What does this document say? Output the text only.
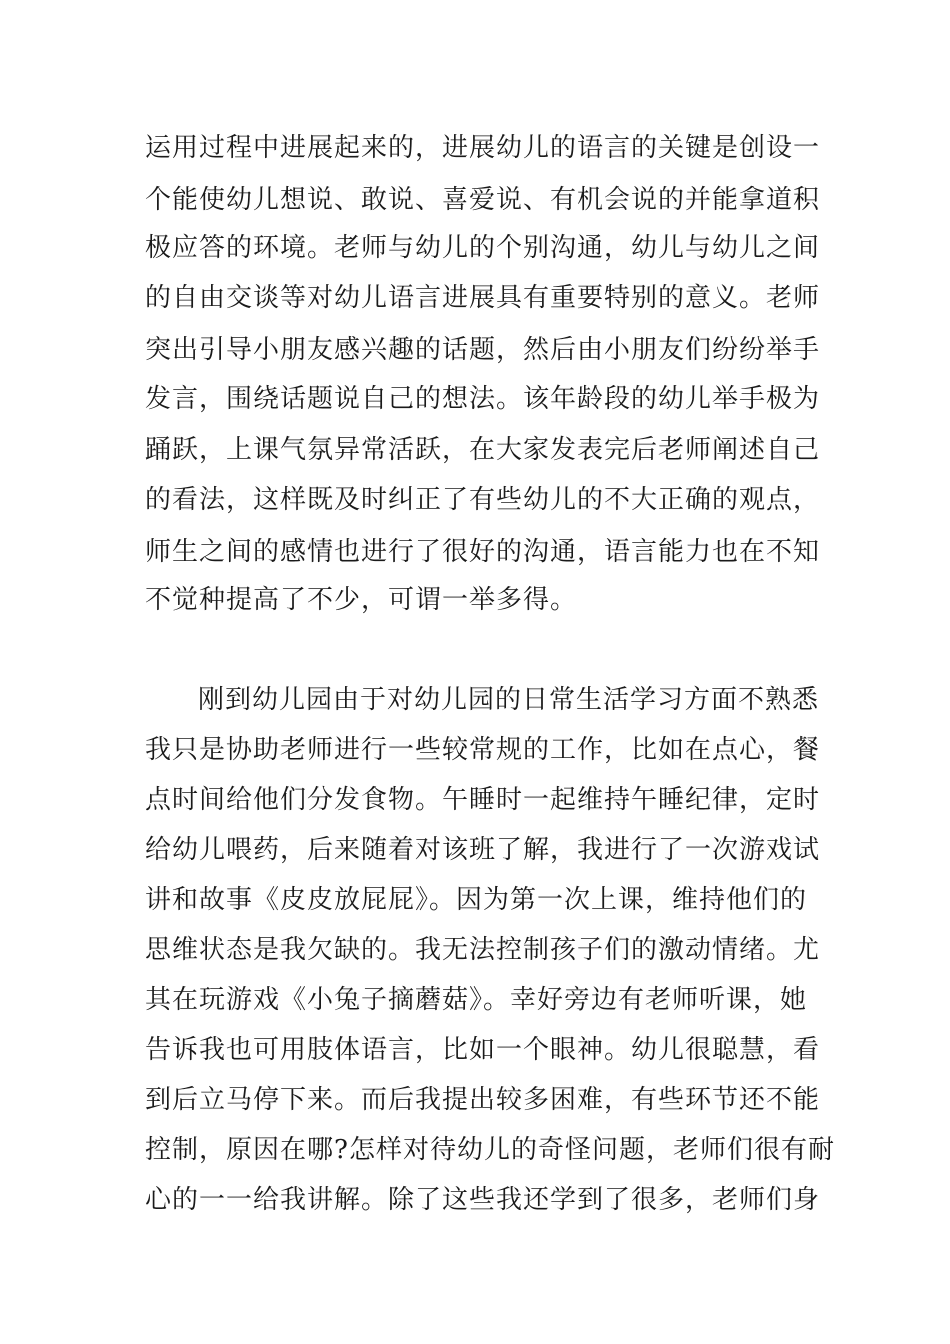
运用过程中进展起来的，进展幼儿的语言的关键是创设一

个能使幼儿想说、敢说、喜爱说、有机会说的并能拿道积

极应答的环境。老师与幼儿的个别沟通，幼儿与幼儿之间

的自由交谈等对幼儿语言进展具有重要特别的意义。老师

突出引导小朋友感兴趣的话题，然后由小朋友们纷纷举手

发言，围绕话题说自己的想法。该年龄段的幼儿举手极为

踊跃，上课气氛异常活跃，在大家发表完后老师阐述自己

的看法，这样既及时纠正了有些幼儿的不大正确的观点，

师生之间的感情也进行了很好的沟通，语言能力也在不知

不觉种提高了不少，可谓一举多得。

刚到幼儿园由于对幼儿园的日常生活学习方面不熟悉

我只是协助老师进行一些较常规的工作，比如在点心，餐

点时间给他们分发食物。午睡时一起维持午睡纪律，定时

给幼儿喂药，后来随着对该班了解，我进行了一次游戏试

讲和故事《皮皮放屁屁》。因为第一次上课，维持他们的

思维状态是我欠缺的。我无法控制孩子们的激动情绪。尤

其在玩游戏《小兔子摘蘑菇》。幸好旁边有老师听课，她

告诉我也可用肢体语言，比如一个眼神。幼儿很聪慧，看

到后立马停下来。而后我提出较多困难，有些环节还不能

控制，原因在哪?怎样对待幼儿的奇怪问题，老师们很有耐

心的一一给我讲解。除了这些我还学到了很多，老师们身
